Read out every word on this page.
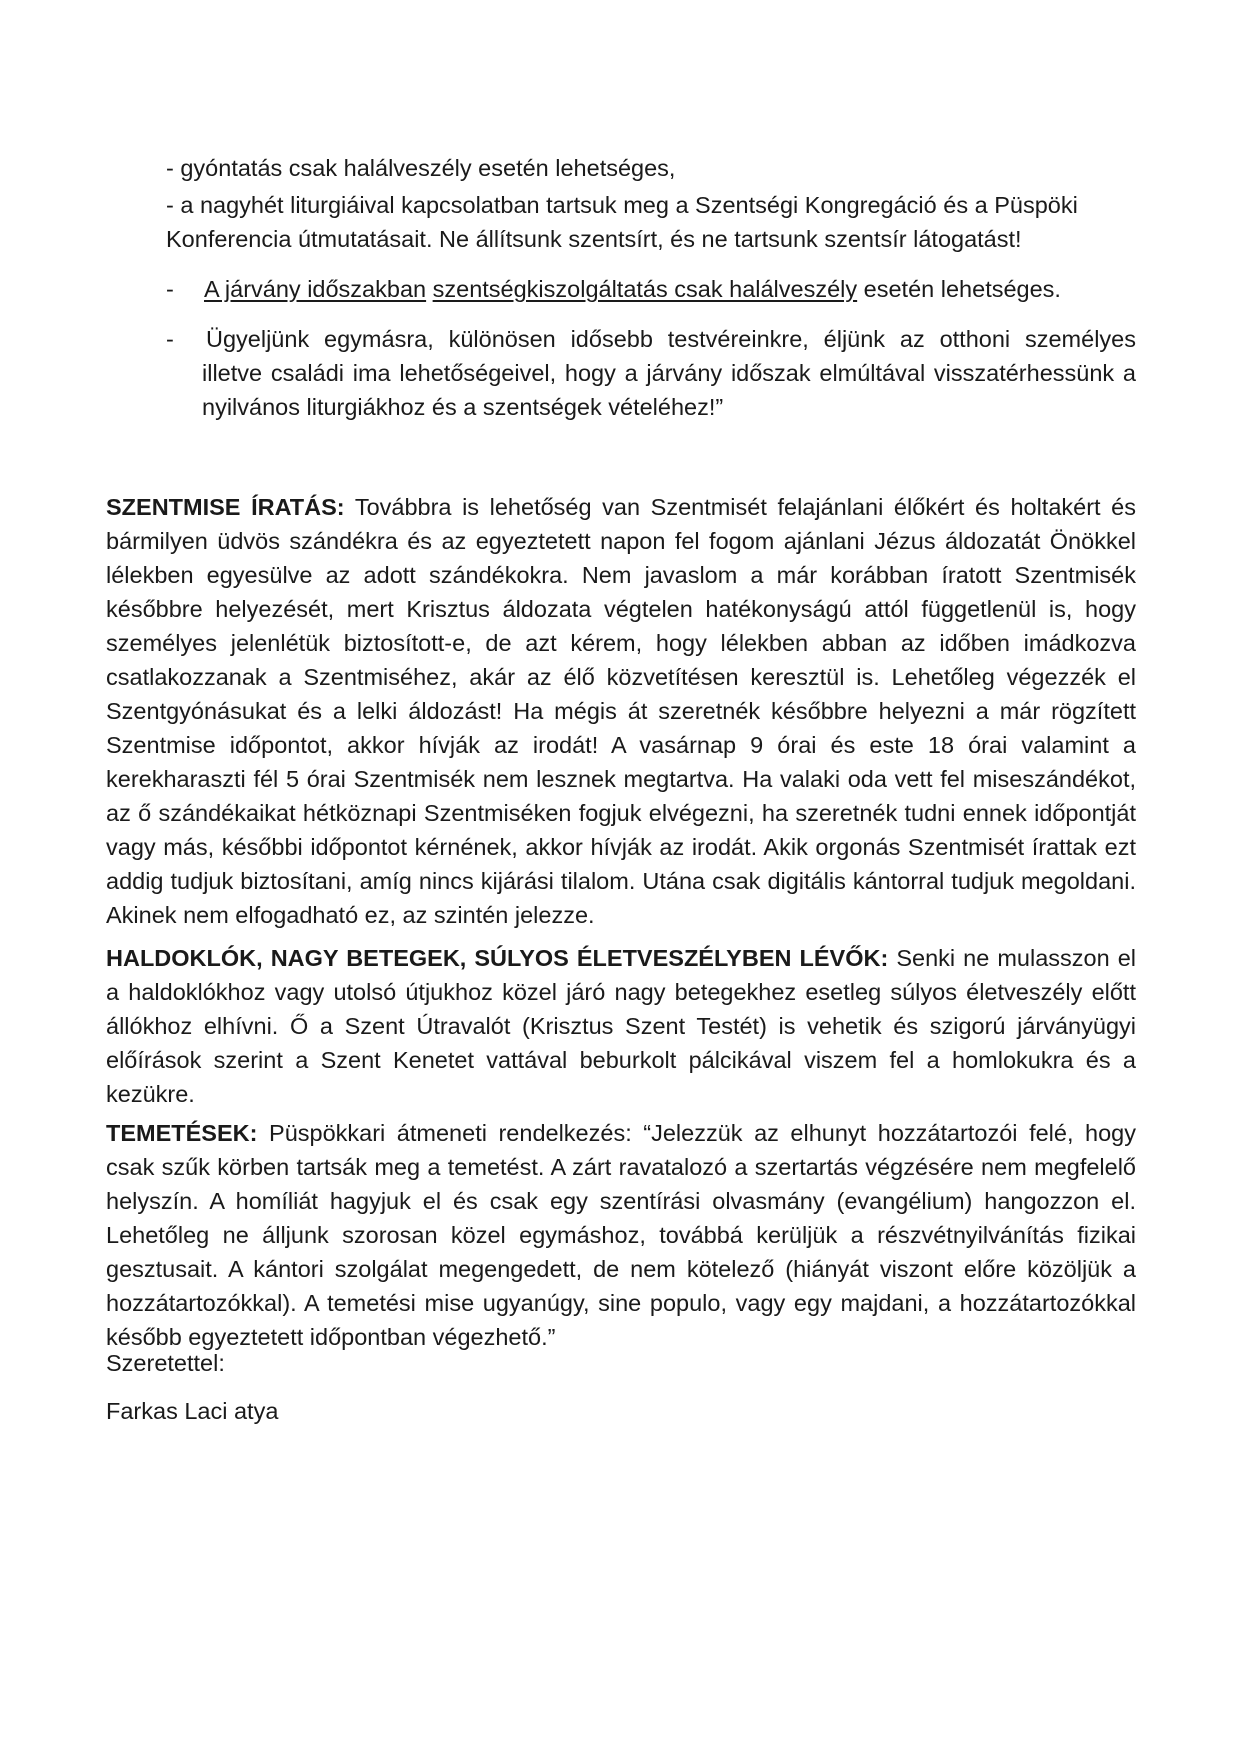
- gyóntatás csak halálveszély esetén lehetséges,

- a nagyhét liturgiáival kapcsolatban tartsuk meg a Szentségi Kongregáció és a Püspöki Konferencia útmutatásait. Ne állítsunk szentsírt, és ne tartsunk szentsír látogatást!

- A járvány időszakban szentségkiszolgáltatás csak halálveszély esetén lehetséges.
- Ügyeljünk egymásra, különösen idősebb testvéreinkre, éljünk az otthoni személyes illetve családi ima lehetőségeivel, hogy a járvány időszak elmúltával visszatérhessünk a nyilvános liturgiákhoz és a szentségek vételéhez!”

SZENTMISE ÍRATÁS: Továbbra is lehetőség van Szentmisét felajánlani élőkért és holtakért és bármilyen üdvös szándékra és az egyeztetett napon fel fogom ajánlani Jézus áldozatát Önökkel lélekben egyesülve az adott szándékokra. Nem javaslom a már korábban íratott Szentmisék későbbre helyezését, mert Krisztus áldozata végtelen hatékonyságú attól függetlenül is, hogy személyes jelenlétük biztosított-e, de azt kérem, hogy lélekben abban az időben imádkozva csatlakozzanak a Szentmiséhez, akár az élő közvetítésen keresztül is. Lehetőleg végezzék el Szentgyónásukat és a lelki áldozást! Ha mégis át szeretnék későbbre helyezni a már rögzített Szentmise időpontot, akkor hívják az irodát! A vasárnap 9 órai és este 18 órai valamint a kerekharaszti fél 5 órai Szentmisék nem lesznek megtartva. Ha valaki oda vett fel miseszándékot, az ő szándékaikat hétköznapi Szentmiséken fogjuk elvégezni, ha szeretnék tudni ennek időpontját vagy más, későbbi időpontot kérnének, akkor hívják az irodát. Akik orgonás Szentmisét írattak ezt addig tudjuk biztosítani, amíg nincs kijárási tilalom. Utána csak digitális kántorral tudjuk megoldani. Akinek nem elfogadható ez, az szintén jelezze.

HALDOKLÓK, NAGY BETEGEK, SÚLYOS ÉLETVESZÉLYBEN LÉVŐK: Senki ne mulasszon el a haldoklókhoz vagy utolsó útjukhoz közel járó nagy betegekhez esetleg súlyos életveszély előtt állókhoz elhívni. Ő a Szent Útravalót (Krisztus Szent Testét) is vehetik és szigorú járványügyi előírások szerint a Szent Kenetet vattával beburkolt pálcikával viszem fel a homlokukra és a kezükre.

TEMETÉSEK: Püspökkari átmeneti rendelkezés: “Jelezzük az elhunyt hozzátartozói felé, hogy csak szűk körben tartsák meg a temetést. A zárt ravatalozó a szertartás végzésére nem megfelelő helyszín. A homíliát hagyjuk el és csak egy szentírási olvasmány (evangélium) hangozzon el. Lehetőleg ne álljunk szorosan közel egymáshoz, továbbá kerüljük a részvétnyilvánítás fizikai gesztusait. A kántori szolgálat megengedett, de nem kötelező (hiányát viszont előre közöljük a hozzátartozókkal). A temetési mise ugyanúgy, sine populo, vagy egy majdani, a hozzátartozókkal később egyeztetett időpontban végezhető.”

Szeretettel:

Farkas Laci atya
